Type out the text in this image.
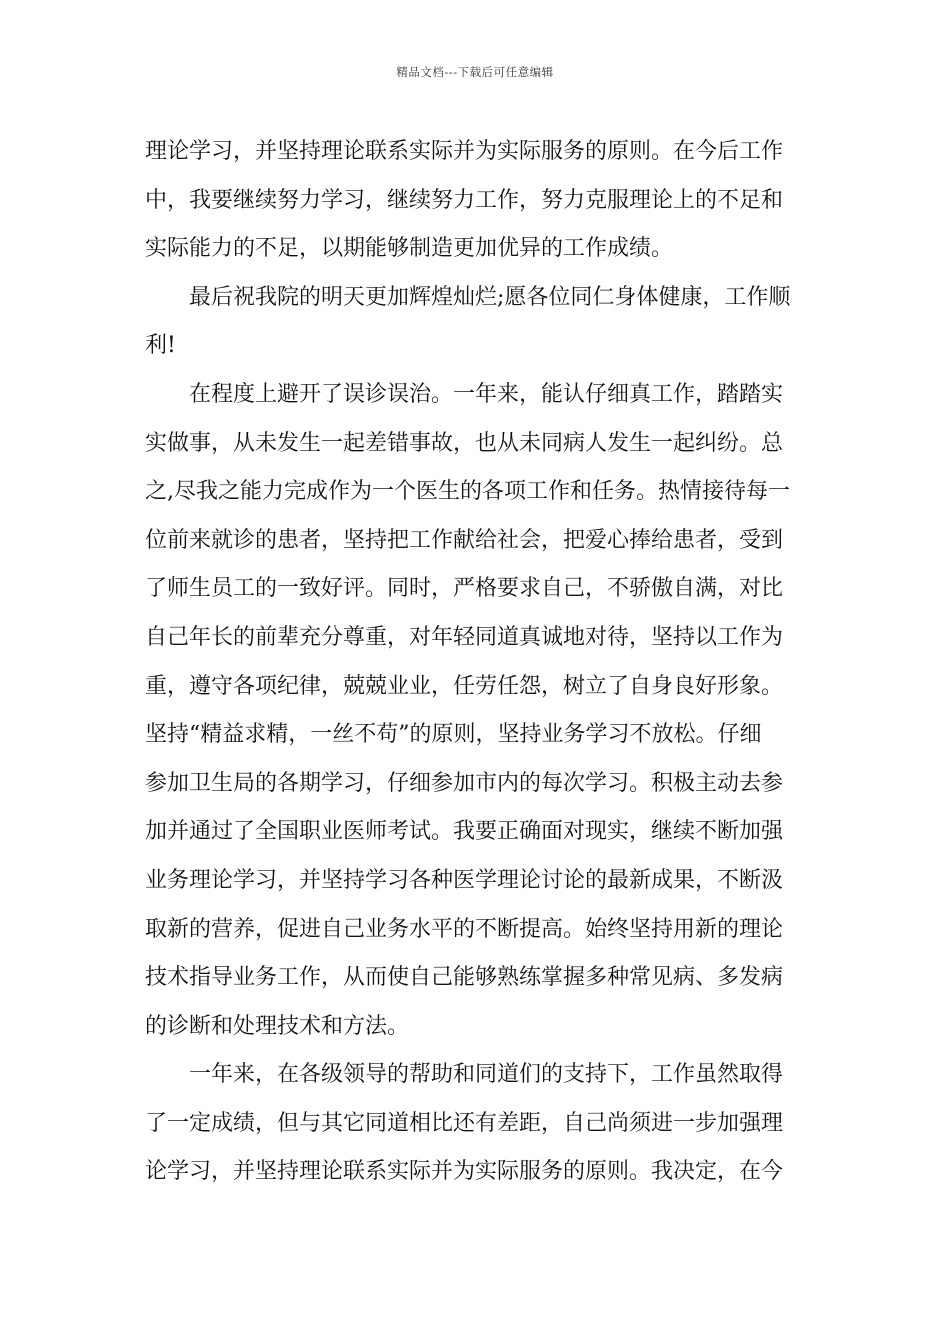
精品文档---下载后可任意编辑

理论学习，并坚持理论联系实际并为实际服务的原则。在今后工作
中，我要继续努力学习，继续努力工作，努力克服理论上的不足和
实际能力的不足，以期能够制造更加优异的工作成绩。

最后祝我院的明天更加辉煌灿烂;愿各位同仁身体健康，工作顺
利!

在程度上避开了误诊误治。一年来，能认仔细真工作，踏踏实
实做事，从未发生一起差错事故，也从未同病人发生一起纠纷。总
之,尽我之能力完成作为一个医生的各项工作和任务。热情接待每一
位前来就诊的患者，坚持把工作献给社会，把爱心捧给患者，受到
了师生员工的一致好评。同时，严格要求自己，不骄傲自满，对比
自己年长的前辈充分尊重，对年轻同道真诚地对待，坚持以工作为
重，遵守各项纪律，兢兢业业，任劳任怨，树立了自身良好形象。
坚持“精益求精，一丝不苟”的原则，坚持业务学习不放松。仔细
参加卫生局的各期学习，仔细参加市内的每次学习。积极主动去参
加并通过了全国职业医师考试。我要正确面对现实，继续不断加强
业务理论学习，并坚持学习各种医学理论讨论的最新成果，不断汲
取新的营养，促进自己业务水平的不断提高。始终坚持用新的理论
技术指导业务工作，从而使自己能够熟练掌握多种常见病、多发病
的诊断和处理技术和方法。

一年来，在各级领导的帮助和同道们的支持下，工作虽然取得
了一定成绩，但与其它同道相比还有差距，自己尚须进一步加强理
论学习，并坚持理论联系实际并为实际服务的原则。我决定，在今
